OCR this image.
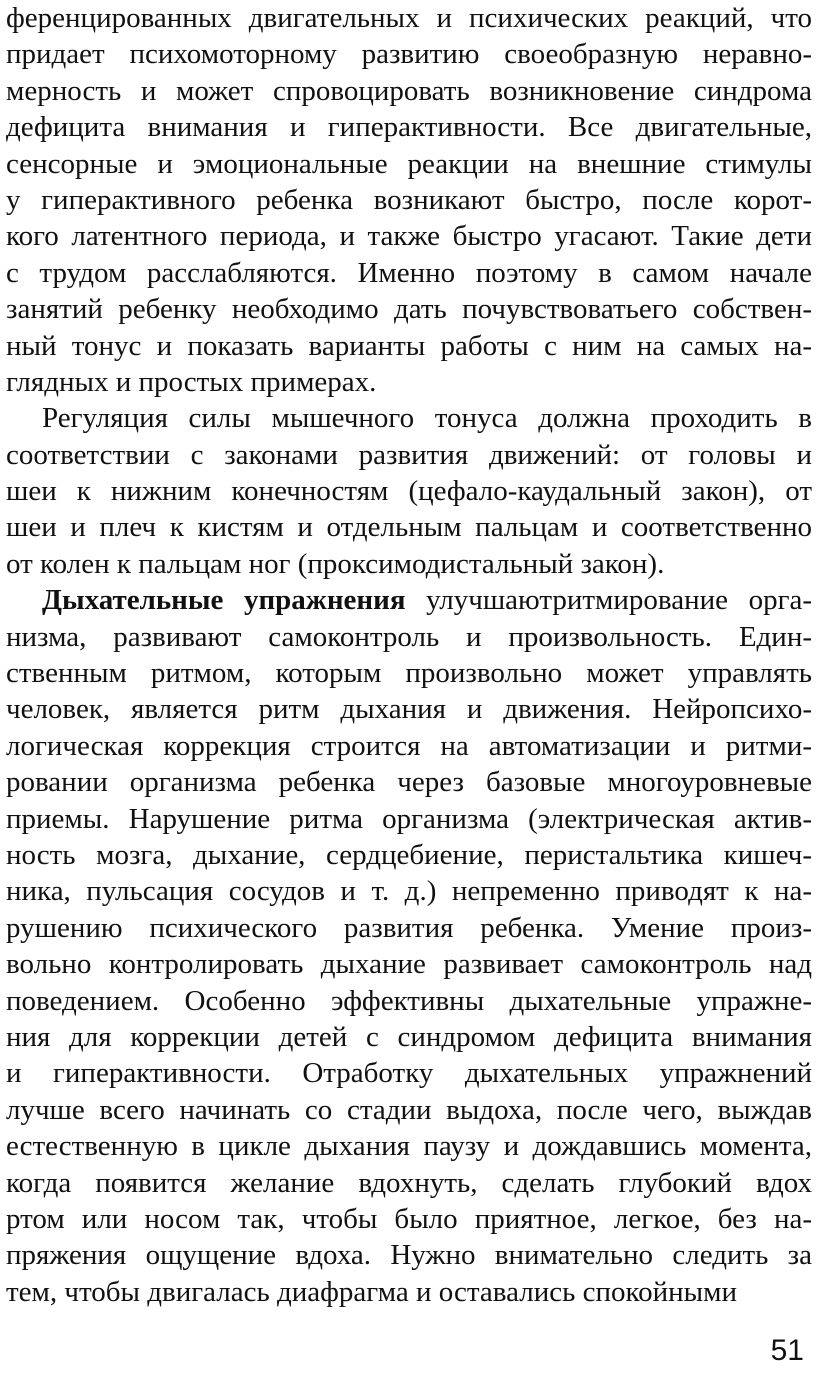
ференцированных двигательных и психических реакций, что
придает психомоторному развитию своеобразную неравно-
мерность и может спровоцировать возникновение синдрома
дефицита внимания и гиперактивности. Все двигательные,
сенсорные и эмоциональные реакции на внешние стимулы
у гиперактивного ребенка возникают быстро, после корот-
кого латентного периода, и также быстро угасают. Такие дети
с трудом расслабляются. Именно поэтому в самом начале
занятий ребенку необходимо дать почувствоватьего собствен-
ный тонус и показать варианты работы с ним на самых на-
глядных и простых примерах.
Регуляция силы мышечного тонуса должна проходить в
соответствии с законами развития движений: от головы и
шеи к нижним конечностям (цефало-каудальный закон), от
шеи и плеч к кистям и отдельным пальцам и соответственно
от колен к пальцам ног (проксимодистальный закон).
Дыхательные упражнения улучшаютритмирование орга-
низма, развивают самоконтроль и произвольность. Един-
ственным ритмом, которым произвольно может управлять
человек, является ритм дыхания и движения. Нейропсихо-
логическая коррекция строится на автоматизации и ритми-
ровании организма ребенка через базовые многоуровневые
приемы. Нарушение ритма организма (электрическая актив-
ность мозга, дыхание, сердцебиение, перистальтика кишеч-
ника, пульсация сосудов и т. д.) непременно приводят к на-
рушению психического развития ребенка. Умение произ-
вольно контролировать дыхание развивает самоконтроль над
поведением. Особенно эффективны дыхательные упражне-
ния для коррекции детей с синдромом дефицита внимания
и гиперактивности. Отработку дыхательных упражнений
лучше всего начинать со стадии выдоха, после чего, выждав
естественную в цикле дыхания паузу и дождавшись момента,
когда появится желание вдохнуть, сделать глубокий вдох
ртом или носом так, чтобы было приятное, легкое, без на-
пряжения ощущение вдоха. Нужно внимательно следить за
тем, чтобы двигалась диафрагма и оставались спокойными
51
